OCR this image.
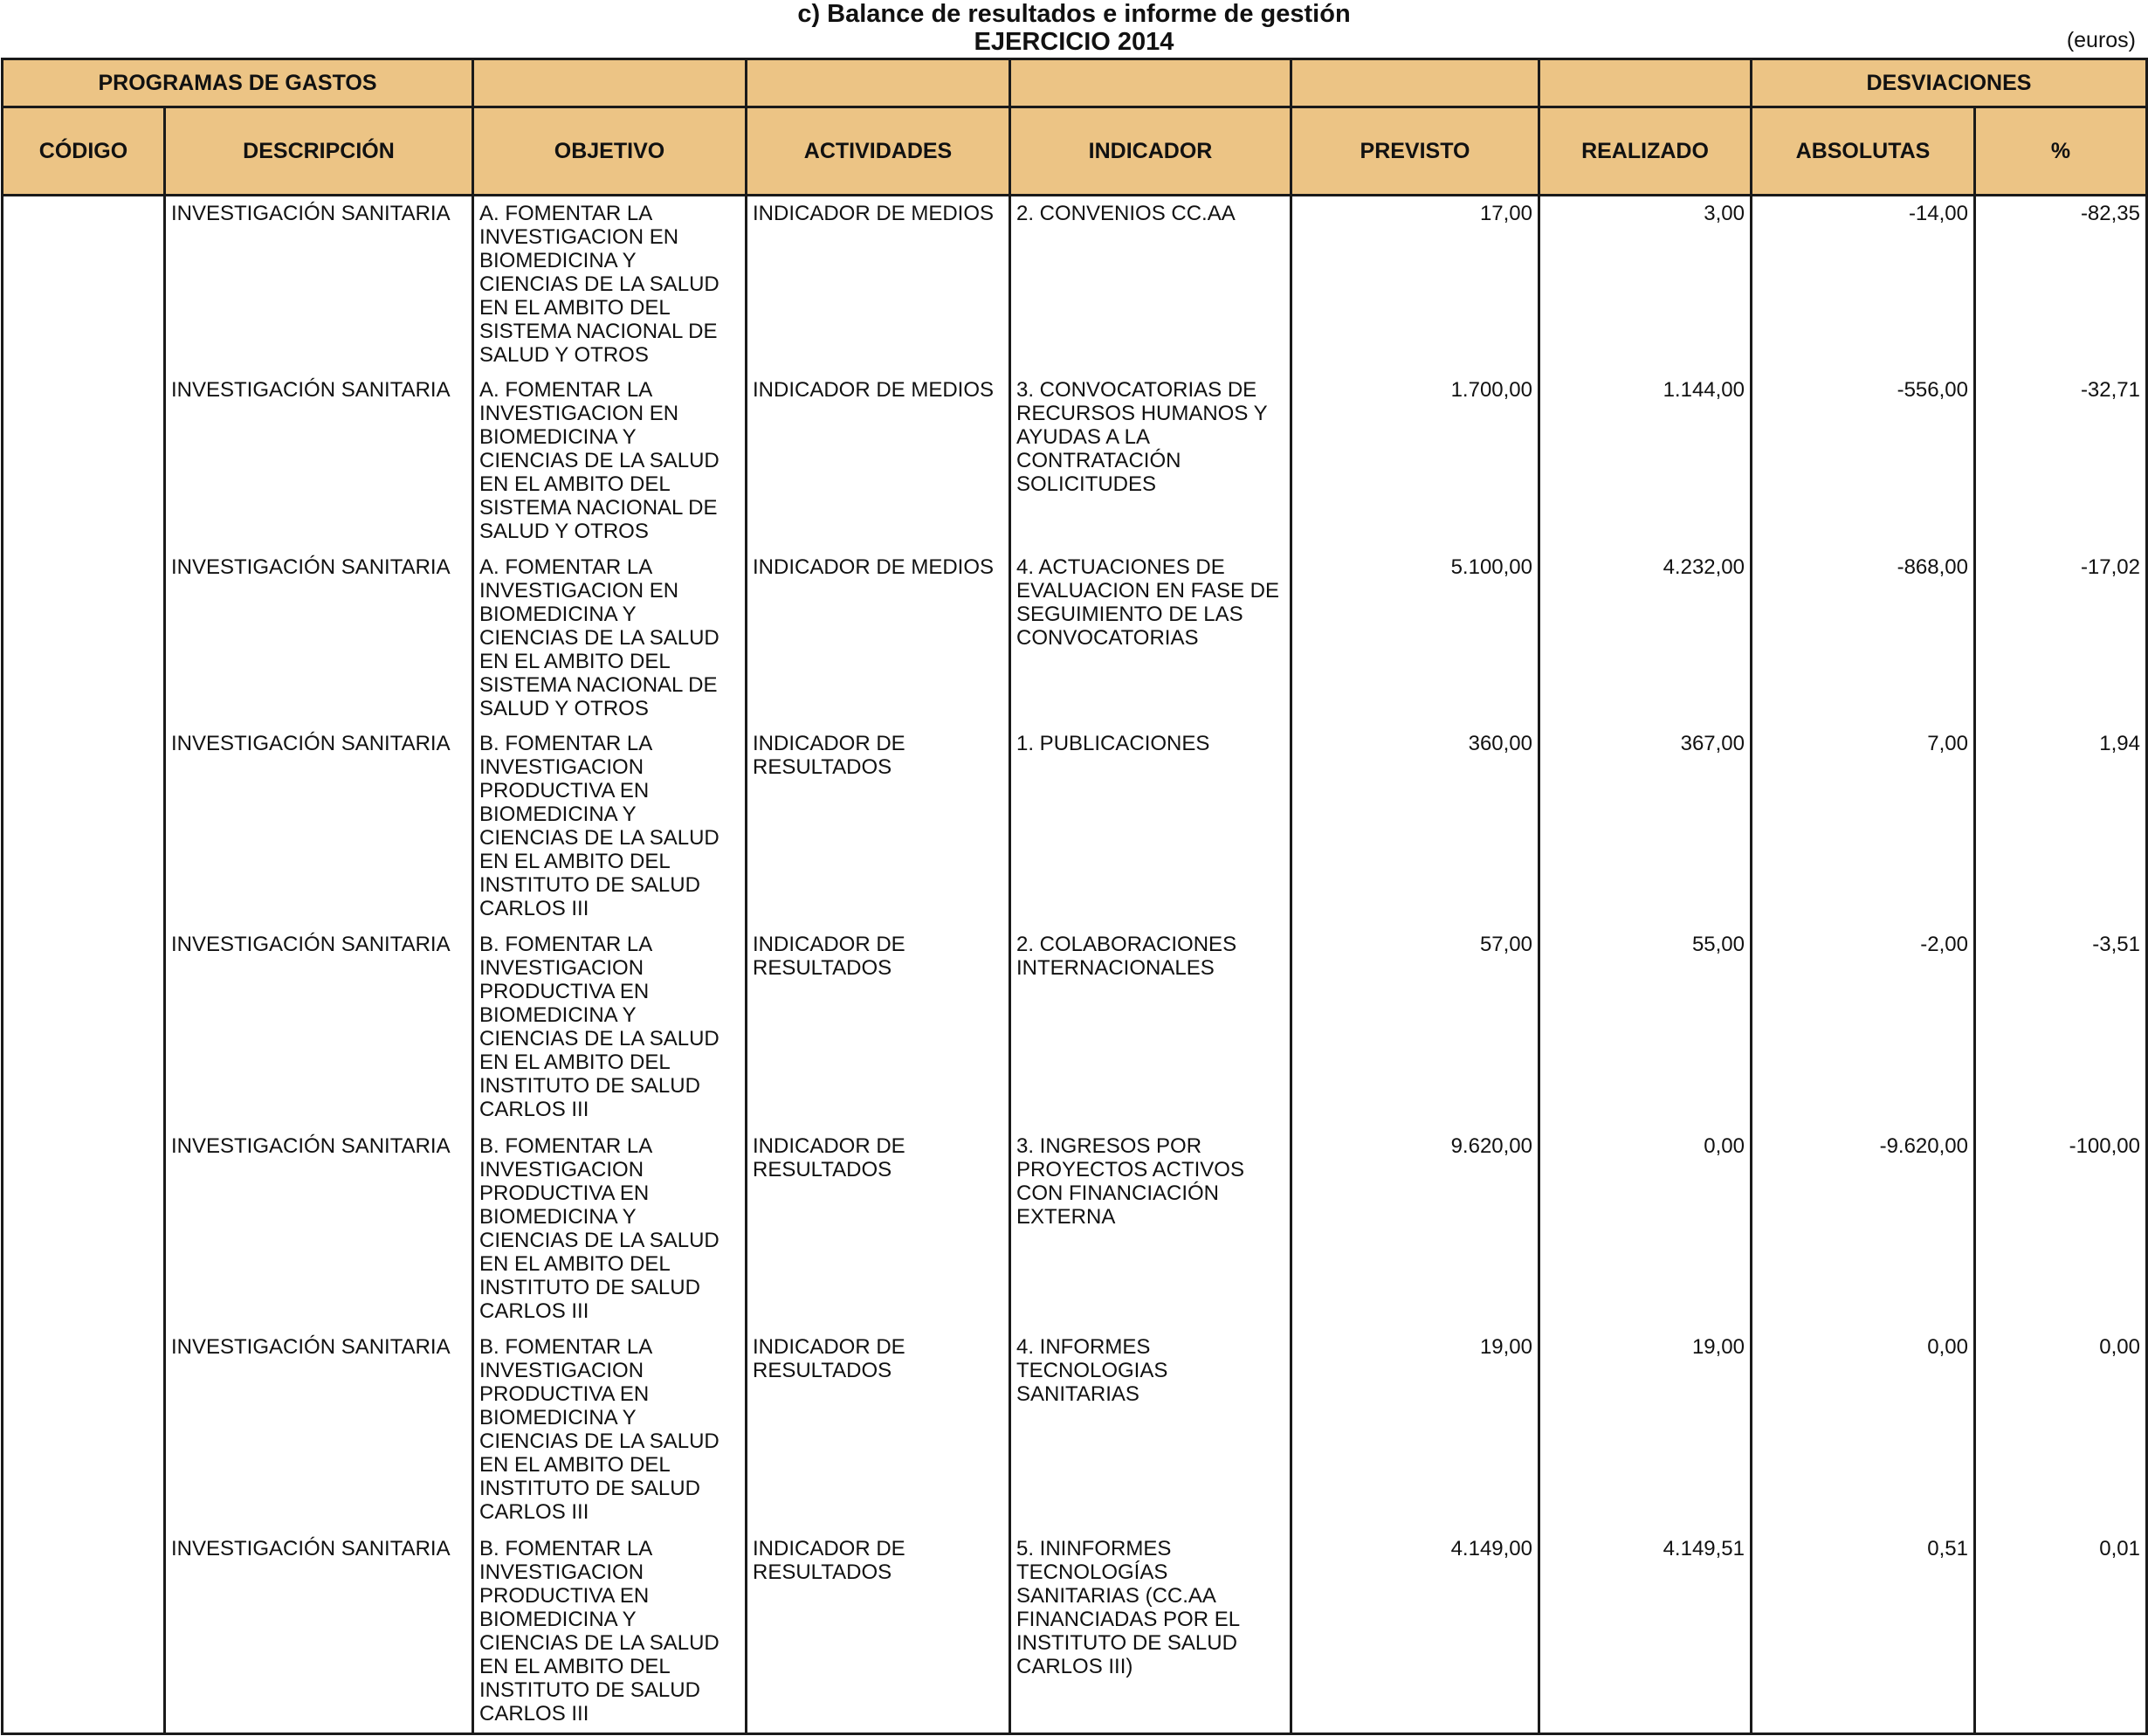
c) Balance de resultados e informe de gestión
EJERCICIO 2014	(euros)
PROGRAMAS DE GASTOS							DESVIACIONES	
CÓDIGO	DESCRIPCIÓN	OBJETIVO	ACTIVIDADES	INDICADOR	PREVISTO	REALIZADO	ABSOLUTAS	%
	INVESTIGACIÓN SANITARIA	A. FOMENTAR LA INVESTIGACION EN BIOMEDICINA Y CIENCIAS DE LA SALUD EN EL AMBITO DEL SISTEMA NACIONAL DE SALUD Y OTROS	INDICADOR DE MEDIOS	2. CONVENIOS CC.AA	17,00	3,00	-14,00	-82,35
	INVESTIGACIÓN SANITARIA	A. FOMENTAR LA INVESTIGACION EN BIOMEDICINA Y CIENCIAS DE LA SALUD EN EL AMBITO DEL SISTEMA NACIONAL DE SALUD Y OTROS	INDICADOR DE MEDIOS	3. CONVOCATORIAS DE RECURSOS HUMANOS Y AYUDAS A LA CONTRATACIÓN SOLICITUDES	1.700,00	1.144,00	-556,00	-32,71
	INVESTIGACIÓN SANITARIA	A. FOMENTAR LA INVESTIGACION EN BIOMEDICINA Y CIENCIAS DE LA SALUD EN EL AMBITO DEL SISTEMA NACIONAL DE SALUD Y OTROS	INDICADOR DE MEDIOS	4. ACTUACIONES DE EVALUACION EN FASE DE SEGUIMIENTO DE LAS CONVOCATORIAS	5.100,00	4.232,00	-868,00	-17,02
	INVESTIGACIÓN SANITARIA	B. FOMENTAR LA INVESTIGACION PRODUCTIVA EN BIOMEDICINA Y CIENCIAS DE LA SALUD EN EL AMBITO DEL INSTITUTO DE SALUD CARLOS III	INDICADOR DE RESULTADOS	1. PUBLICACIONES	360,00	367,00	7,00	1,94
	INVESTIGACIÓN SANITARIA	B. FOMENTAR LA INVESTIGACION PRODUCTIVA EN BIOMEDICINA Y CIENCIAS DE LA SALUD EN EL AMBITO DEL INSTITUTO DE SALUD CARLOS III	INDICADOR DE RESULTADOS	2. COLABORACIONES INTERNACIONALES	57,00	55,00	-2,00	-3,51
	INVESTIGACIÓN SANITARIA	B. FOMENTAR LA INVESTIGACION PRODUCTIVA EN BIOMEDICINA Y CIENCIAS DE LA SALUD EN EL AMBITO DEL INSTITUTO DE SALUD CARLOS III	INDICADOR DE RESULTADOS	3. INGRESOS POR PROYECTOS ACTIVOS CON FINANCIACIÓN EXTERNA	9.620,00	0,00	-9.620,00	-100,00
	INVESTIGACIÓN SANITARIA	B. FOMENTAR LA INVESTIGACION PRODUCTIVA EN BIOMEDICINA Y CIENCIAS DE LA SALUD EN EL AMBITO DEL INSTITUTO DE SALUD CARLOS III	INDICADOR DE RESULTADOS	4. INFORMES TECNOLOGIAS SANITARIAS	19,00	19,00	0,00	0,00
	INVESTIGACIÓN SANITARIA	B. FOMENTAR LA INVESTIGACION PRODUCTIVA EN BIOMEDICINA Y CIENCIAS DE LA SALUD EN EL AMBITO DEL INSTITUTO DE SALUD CARLOS III	INDICADOR DE RESULTADOS	5. ININFORMES TECNOLOGÍAS SANITARIAS (CC.AA FINANCIADAS POR EL INSTITUTO DE SALUD CARLOS III)	4.149,00	4.149,51	0,51	0,01
